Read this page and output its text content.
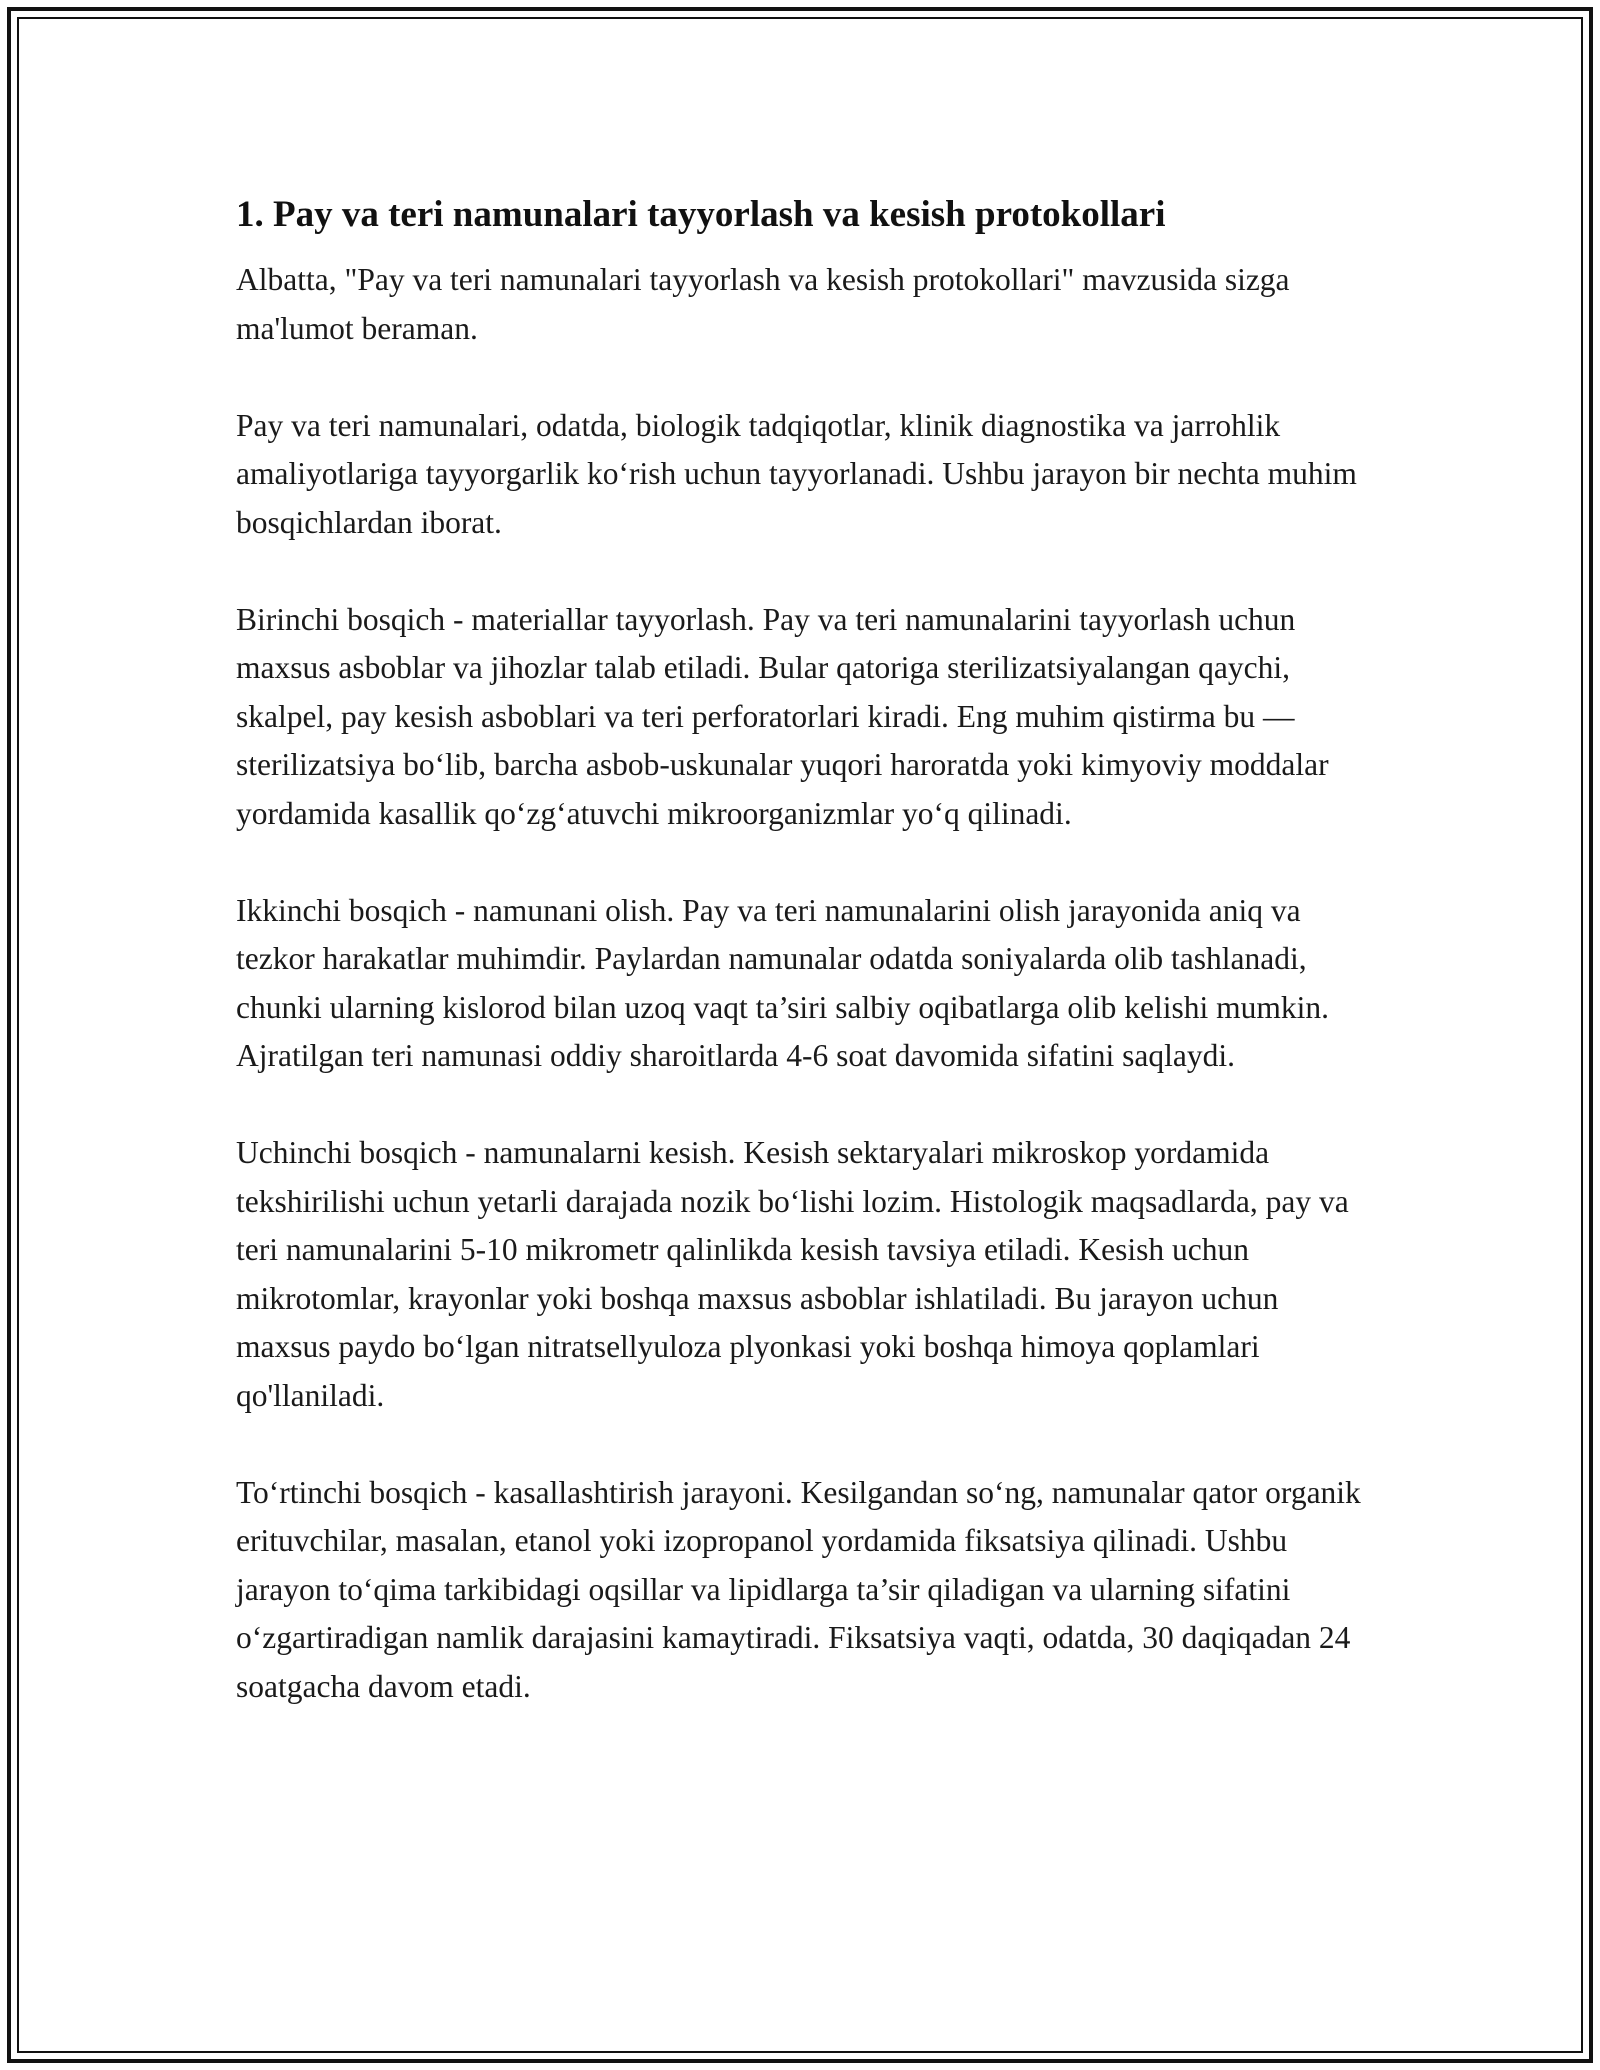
1. Pay va teri namunalari tayyorlash va kesish protokollari

Albatta, "Pay va teri namunalari tayyorlash va kesish protokollari" mavzusida sizga ma'lumot beraman.

Pay va teri namunalari, odatda, biologik tadqiqotlar, klinik diagnostika va jarrohlik amaliyotlariga tayyorgarlik ko‘rish uchun tayyorlanadi. Ushbu jarayon bir nechta muhim bosqichlardan iborat.

Birinchi bosqich - materiallar tayyorlash. Pay va teri namunalarini tayyorlash uchun maxsus asboblar va jihozlar talab etiladi. Bular qatoriga sterilizatsiyalangan qaychi, skalpel, pay kesish asboblari va teri perforatorlari kiradi. Eng muhim qistirma bu — sterilizatsiya bo‘lib, barcha asbob-uskunalar yuqori haroratda yoki kimyoviy moddalar yordamida kasallik qo‘zg‘atuvchi mikroorganizmlar yo‘q qilinadi.

Ikkinchi bosqich - namunani olish. Pay va teri namunalarini olish jarayonida aniq va tezkor harakatlar muhimdir. Paylardan namunalar odatda soniyalarda olib tashlanadi, chunki ularning kislorod bilan uzoq vaqt ta’siri salbiy oqibatlarga olib kelishi mumkin. Ajratilgan teri namunasi oddiy sharoitlarda 4-6 soat davomida sifatini saqlaydi.

Uchinchi bosqich - namunalarni kesish. Kesish sektaryalari mikroskop yordamida tekshirilishi uchun yetarli darajada nozik bo‘lishi lozim. Histologik maqsadlarda, pay va teri namunalarini 5-10 mikrometr qalinlikda kesish tavsiya etiladi. Kesish uchun mikrotomlar, krayonlar yoki boshqa maxsus asboblar ishlatiladi. Bu jarayon uchun maxsus paydo bo‘lgan nitratsellyuloza plyonkasi yoki boshqa himoya qoplamlari qo'llaniladi.

To‘rtinchi bosqich - kasallashtirish jarayoni. Kesilgandan so‘ng, namunalar qator organik erituvchilar, masalan, etanol yoki izopropanol yordamida fiksatsiya qilinadi. Ushbu jarayon to‘qima tarkibidagi oqsillar va lipidlarga ta’sir qiladigan va ularning sifatini o‘zgartiradigan namlik darajasini kamaytiradi. Fiksatsiya vaqti, odatda, 30 daqiqadan 24 soatgacha davom etadi.
